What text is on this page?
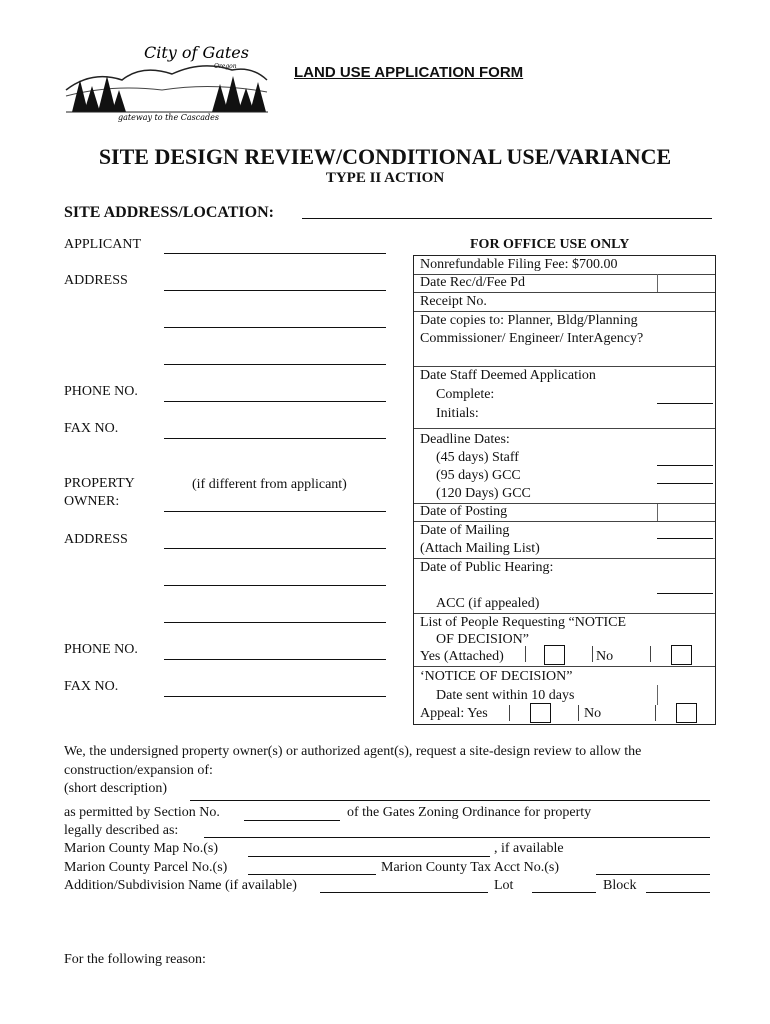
City of Gates
Oregon
gateway to the Cascades
LAND USE APPLICATION FORM
SITE DESIGN REVIEW/CONDITIONAL USE/VARIANCE
TYPE II ACTION
SITE ADDRESS/LOCATION:
APPLICANT
ADDRESS
PHONE NO.
FAX NO.
PROPERTY
OWNER:
(if different from applicant)
ADDRESS
PHONE NO.
FAX NO.
FOR OFFICE USE ONLY
Nonrefundable Filing Fee: $700.00
Date Rec/d/Fee Pd
Receipt No.
Date copies to: Planner, Bldg/Planning
Commissioner/ Engineer/ InterAgency?
Date Staff Deemed Application
Complete:
Initials:
Deadline Dates:
(45 days) Staff
(95 days) GCC
(120 Days) GCC
Date of Posting
Date of Mailing
(Attach Mailing List)
Date of Public Hearing:
ACC (if appealed)
List of People Requesting “NOTICE
OF DECISION”
Yes (Attached)	No
‘NOTICE OF DECISION”
Date sent within 10 days
Appeal: Yes	No
We, the undersigned property owner(s) or authorized agent(s), request a site-design review to allow the
construction/expansion of:
(short description)
as permitted by Section No.	of the Gates Zoning Ordinance for property
legally described as:
Marion County Map No.(s)	, if available
Marion County Parcel No.(s)	Marion County Tax Acct No.(s)
Addition/Subdivision Name (if available)	Lot	Block
For the following reason:
